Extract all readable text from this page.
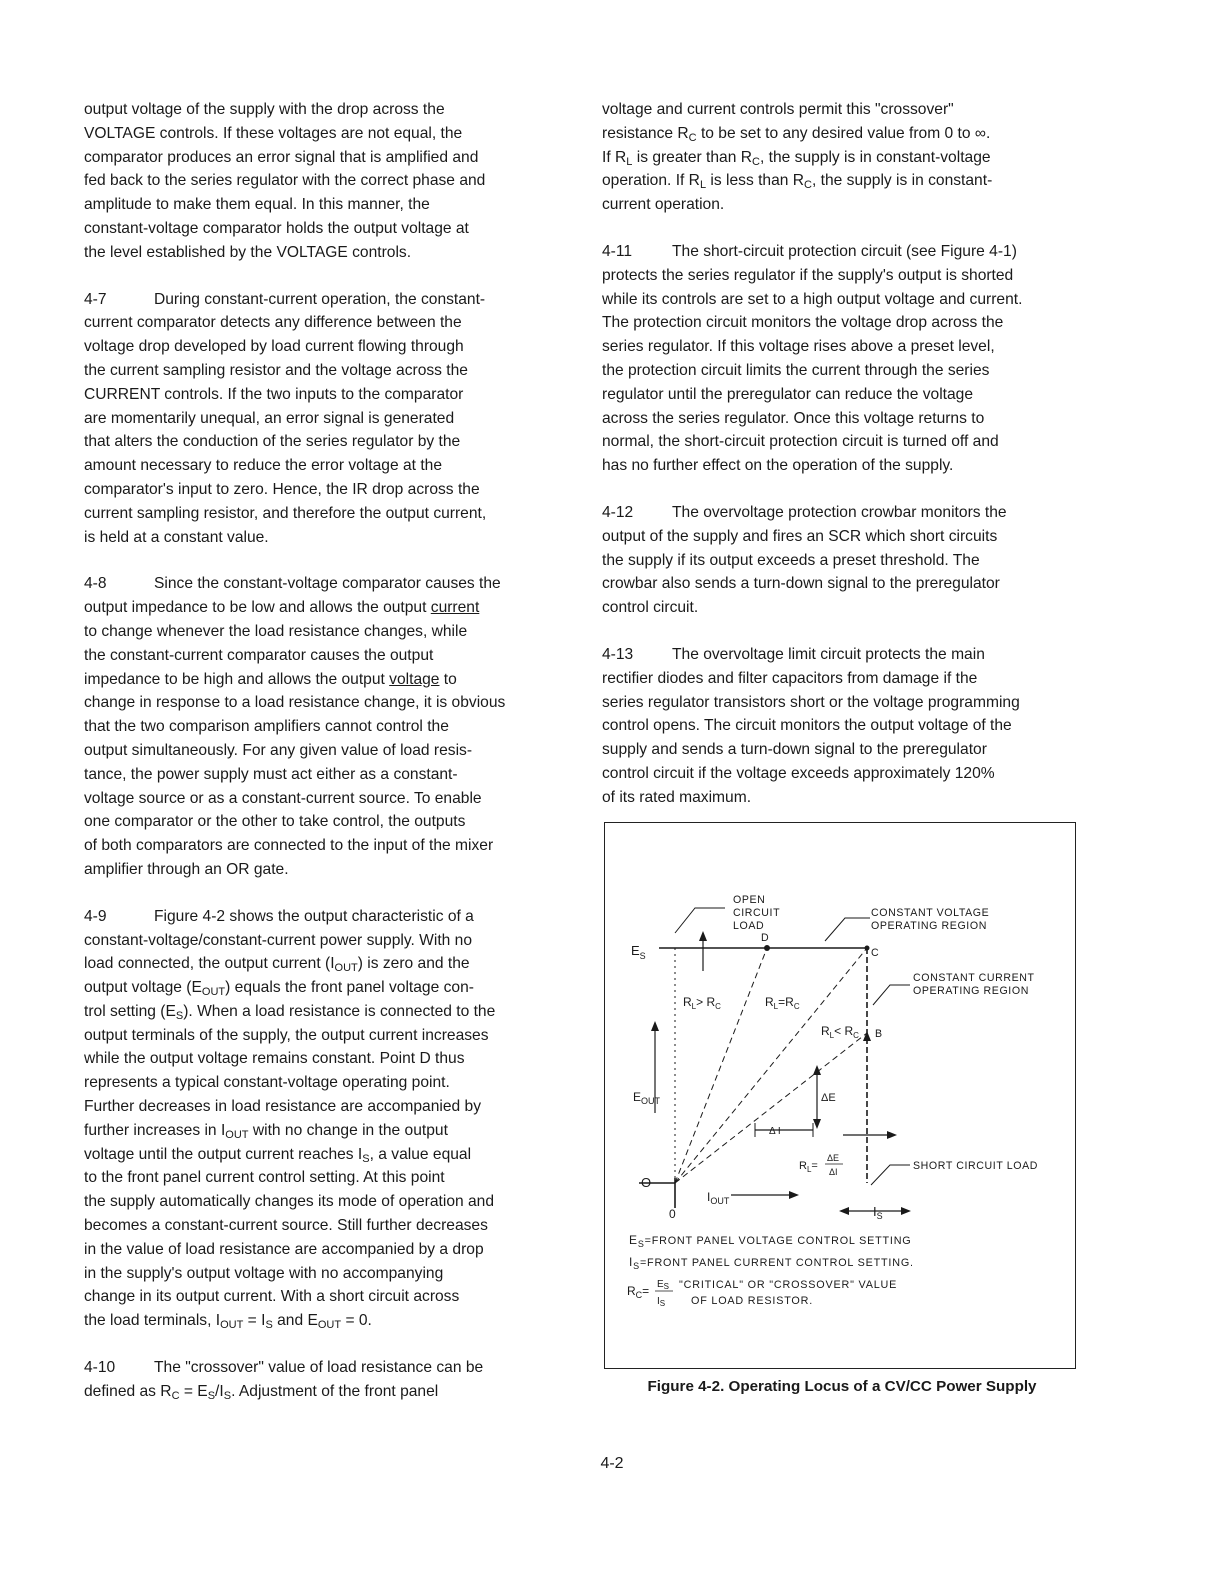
output voltage of the supply with the drop across the
VOLTAGE controls. If these voltages are not equal, the
comparator produces an error signal that is amplified and
fed back to the series regulator with the correct phase and
amplitude to make them equal. In this manner, the
constant-voltage comparator holds the output voltage at
the level established by the VOLTAGE controls.

4-7	During constant-current operation, the constant-
current comparator detects any difference between the
voltage drop developed by load current flowing through
the current sampling resistor and the voltage across the
CURRENT controls. If the two inputs to the comparator
are momentarily unequal, an error signal is generated
that alters the conduction of the series regulator by the
amount necessary to reduce the error voltage at the
comparator's input to zero. Hence, the IR drop across the
current sampling resistor, and therefore the output current,
is held at a constant value.

4-8	Since the constant-voltage comparator causes the
output impedance to be low and allows the output current
to change whenever the load resistance changes, while
the constant-current comparator causes the output
impedance to be high and allows the output voltage to
change in response to a load resistance change, it is obvious
that the two comparison amplifiers cannot control the
output simultaneously. For any given value of load resis-
tance, the power supply must act either as a constant-
voltage source or as a constant-current source. To enable
one comparator or the other to take control, the outputs
of both comparators are connected to the input of the mixer
amplifier through an OR gate.

4-9	Figure 4-2 shows the output characteristic of a
constant-voltage/constant-current power supply. With no
load connected, the output current $(I_{OUT})$ is zero and the
output voltage $(E_{OUT})$ equals the front panel voltage con-
trol setting $(E_S)$. When a load resistance is connected to the
output terminals of the supply, the output current increases
while the output voltage remains constant. Point D thus
represents a typical constant-voltage operating point.
Further decreases in load resistance are accompanied by
further increases in $I_{OUT}$ with no change in the output
voltage until the output current reaches $I_S$, a value equal
to the front panel current control setting. At this point
the supply automatically changes its mode of operation and
becomes a constant-current source. Still further decreases
in the value of load resistance are accompanied by a drop
in the supply's output voltage with no accompanying
change in its output current. With a short circuit across
the load terminals, $I_{OUT} = I_S$ and $E_{OUT} = 0$.

4-10 The "crossover" value of load resistance can be
defined as $R_C = E_S/I_S$. Adjustment of the front panel

voltage and current controls permit this "crossover"
resistance $R_C$ to be set to any desired value from 0 to ∞.
If $R_L$ is greater than $R_C$, the supply is in constant-voltage
operation. If $R_L$ is less than $R_C$, the supply is in constant-
current operation.

4-11	The short-circuit protection circuit (see Figure 4-1)
protects the series regulator if the supply's output is shorted
while its controls are set to a high output voltage and current.
The protection circuit monitors the voltage drop across the
series regulator. If this voltage rises above a preset level,
the protection circuit limits the current through the series
regulator until the preregulator can reduce the voltage
across the series regulator. Once this voltage returns to
normal, the short-circuit protection circuit is turned off and
has no further effect on the operation of the supply.

4-12 The overvoltage protection crowbar monitors the
output of the supply and fires an SCR which short circuits
the supply if its output exceeds a preset threshold. The
crowbar also sends a turn-down signal to the preregulator
control circuit.

4-13 The overvoltage limit circuit protects the main
rectifier diodes and filter capacitors from damage if the
series regulator transistors short or the voltage programming
control opens. The circuit monitors the output voltage of the
supply and sends a turn-down signal to the preregulator
control circuit if the voltage exceeds approximately 120%
of its rated maximum.

OPEN
CIRCUIT
LOAD
CONSTANT VOLTAGE
OPERATING REGION
CONSTANT CURRENT
OPERATING REGION
SHORT CIRCUIT LOAD
D
C
B
$E_S$
$E_{OUT}$
O
0
$I_{OUT}$
$I_S$
$R_L> R_C$	$R_L=R_C$
$R_L< R_C$
ΔE
Δ I
$R_L=$
ΔE
ΔI
$E_S=FRONT$ PANEL VOLTAGE CONTROL SETTING
$I_S=FRONT$ PANEL CURRENT CONTROL SETTING.
$R_C= E_S$
$I_S$
"CRITICAL" OR "CROSSOVER" VALUE
OF LOAD RESISTOR.
Figure 4-2. Operating Locus of a CV/CC Power Supply
4-2
